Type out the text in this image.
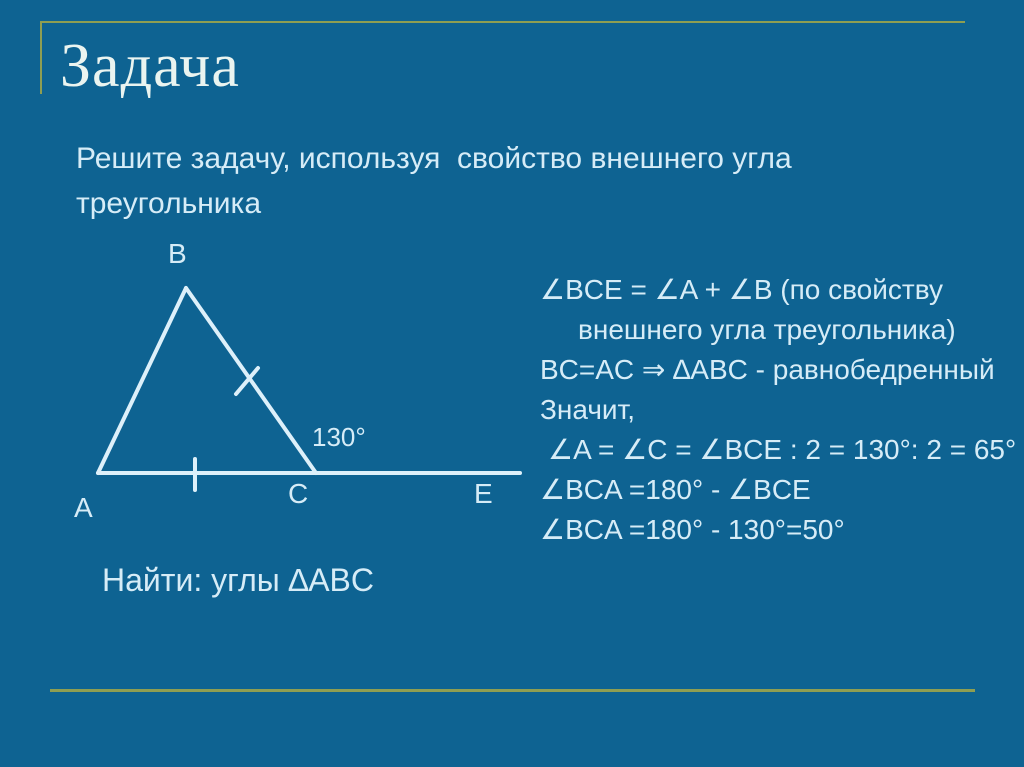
Задача
Решите задачу, используя  свойство внешнего угла треугольника
B
A	C	E
130°
∠BCE = ∠A + ∠B (по свойству
внешнего угла треугольника)
BC=AC ⇒ ∆ABC - равнобедренный
Значит,
∠A = ∠C = ∠BCE : 2 = 130°: 2 = 65°
∠BCA =180° - ∠BCE
∠BCA =180° - 130°=50°
Найти: углы ∆ABC
